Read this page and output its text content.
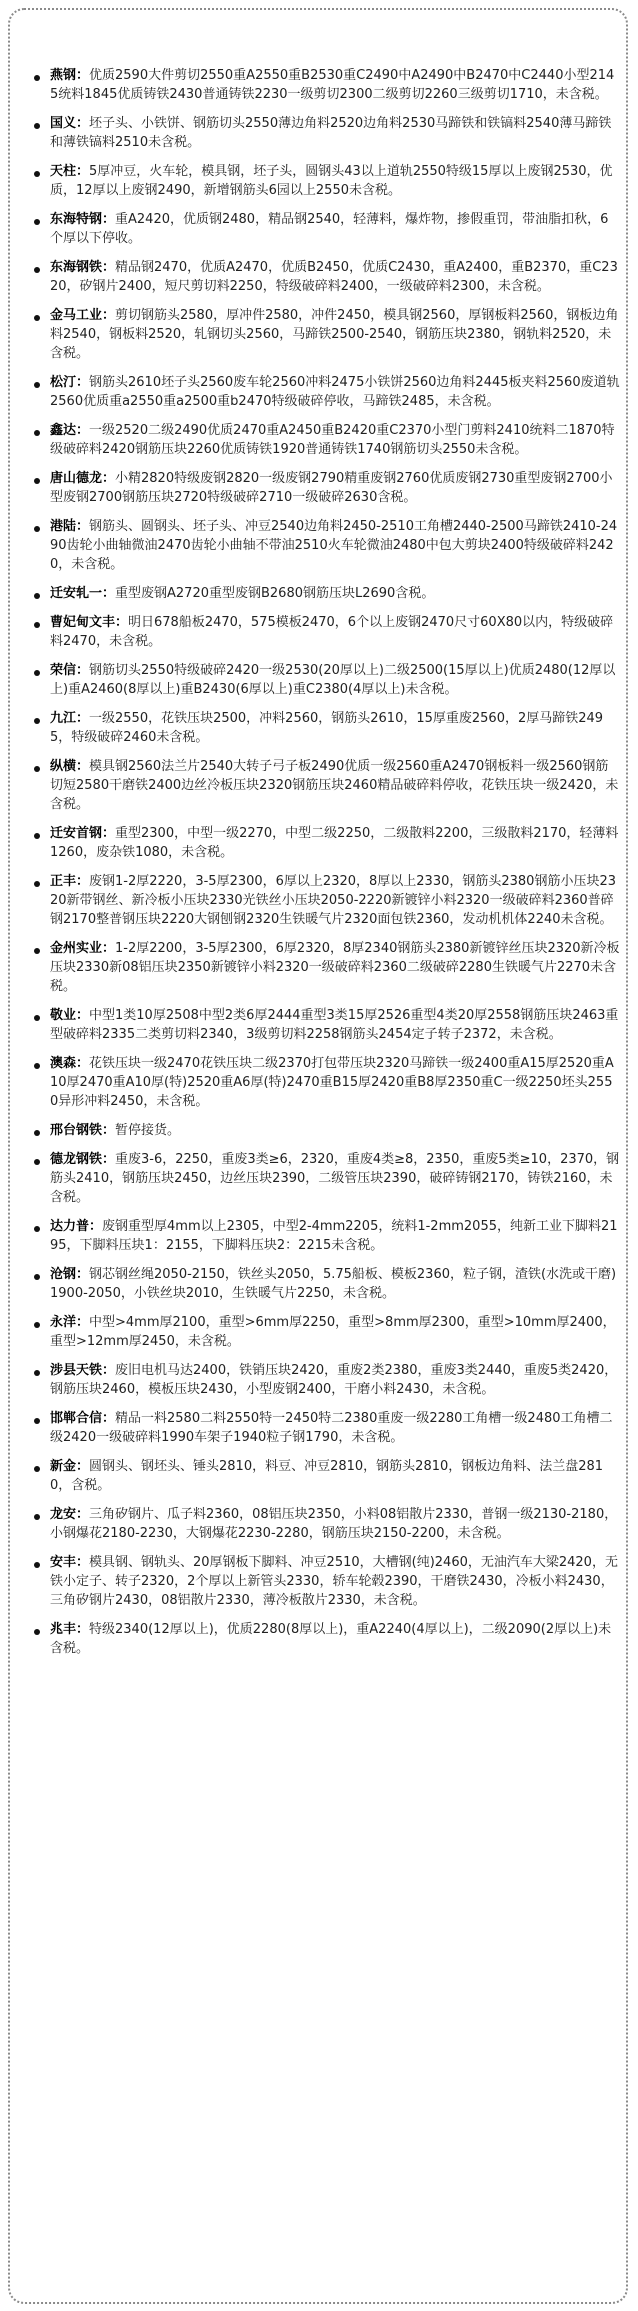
燕钢：优质2590大件剪切2550重A2550重B2530重C2490中A2490中B2470中C2440小型2145统料1845优质铸铁2430普通铸铁2230一级剪切2300二级剪切2260三级剪切1710，未含税。
国义：坯子头、小铁饼、钢筋切头2550薄边角料2520边角料2530马蹄铁和铁镐料2540薄马蹄铁和薄铁镐料2510未含税。
天柱：5厚冲豆，火车轮，模具钢，坯子头，圆钢头43以上道轨2550特级15厚以上废钢2530，优质，12厚以上废钢2490，新增钢筋头6园以上2550未含税。
东海特钢：重A2420，优质钢2480，精品钢2540，轻薄料，爆炸物，掺假重罚，带油脂扣秋，6个厚以下停收。
东海钢铁：精品钢2470，优质A2470，优质B2450，优质C2430，重A2400，重B2370，重C2320，矽钢片2400，短尺剪切料2250，特级破碎料2400，一级破碎料2300，未含税。
金马工业：剪切钢筋头2580，厚冲件2580，冲件2450，模具钢2560，厚钢板料2560，钢板边角料2540，钢板料2520，轧钢切头2560，马蹄铁2500-2540，钢筋压块2380，钢轨料2520，未含税。
松汀：钢筋头2610坯子头2560废车轮2560冲料2475小铁饼2560边角料2445板夹料2560废道轨2560优质重a2550重a2500重b2470特级破碎停收，马蹄铁2485，未含税。
鑫达：一级2520二级2490优质2470重A2450重B2420重C2370小型门剪料2410统料二1870特级破碎料2420钢筋压块2260优质铸铁1920普通铸铁1740钢筋切头2550未含税。
唐山德龙：小精2820特级废钢2820一级废钢2790精重废钢2760优质废钢2730重型废钢2700小型废钢2700钢筋压块2720特级破碎2710一级破碎2630含税。
港陆：钢筋头、圆钢头、坯子头、冲豆2540边角料2450-2510工角槽2440-2500马蹄铁2410-2490齿轮小曲轴微油2470齿轮小曲轴不带油2510火车轮微油2480中包大剪块2400特级破碎料2420，未含税。
迁安轧一：重型废钢A2720重型废钢B2680钢筋压块L2690含税。
曹妃甸文丰：明日678船板2470，575模板2470，6个以上废钢2470尺寸60X80以内，特级破碎料2470，未含税。
荣信：钢筋切头2550特级破碎2420一级2530(20厚以上)二级2500(15厚以上)优质2480(12厚以上)重A2460(8厚以上)重B2430(6厚以上)重C2380(4厚以上)未含税。
九江：一级2550，花铁压块2500，冲料2560，钢筋头2610，15厚重废2560，2厚马蹄铁2495，特级破碎2460未含税。
纵横：模具钢2560法兰片2540大转子弓子板2490优质一级2560重A2470钢板料一级2560钢筋切短2580干磨铁2400边丝冷板压块2320钢筋压块2460精品破碎料停收，花铁压块一级2420，未含税。
迁安首钢：重型2300，中型一级2270，中型二级2250，二级散料2200，三级散料2170，轻薄料1260，废杂铁1080，未含税。
正丰：废钢1-2厚2220，3-5厚2300，6厚以上2320，8厚以上2330，钢筋头2380钢筋小压块2320新带钢丝、新冷板小压块2330光铁丝小压块2050-2220新镀锌小料2320一级破碎料2360普碎钢2170整普钢压块2220大钢刨钢2320生铁暖气片2320面包铁2360，发动机机体2240未含税。
金州实业：1-2厚2200，3-5厚2300，6厚2320，8厚2340钢筋头2380新镀锌丝压块2320新冷板压块2330新08铝压块2350新镀锌小料2320一级破碎料2360二级破碎2280生铁暖气片2270未含税。
敬业：中型1类10厚2508中型2类6厚2444重型3类15厚2526重型4类20厚2558钢筋压块2463重型破碎料2335二类剪切料2340，3级剪切料2258钢筋头2454定子转子2372，未含税。
澳森：花铁压块一级2470花铁压块二级2370打包带压块2320马蹄铁一级2400重A15厚2520重A10厚2470重A10厚(特)2520重A6厚(特)2470重B15厚2420重B8厚2350重C一级2250坯头2550异形冲料2450，未含税。
邢台钢铁：暂停接货。
德龙钢铁：重废3-6，2250，重废3类≥6，2320，重废4类≥8，2350，重废5类≥10，2370，钢筋头2410，钢筋压块2450，边丝压块2390，二级管压块2390，破碎铸钢2170，铸铁2160，未含税。
达力普：废钢重型厚4mm以上2305，中型2-4mm2205，统料1-2mm2055，纯新工业下脚料2195，下脚料压块1：2155，下脚料压块2：2215未含税。
沧钢：钢芯钢丝绳2050-2150，铁丝头2050，5.75船板、模板2360，粒子钢，渣铁(水洗或干磨)1900-2050，小铁丝块2010，生铁暖气片2250，未含税。
永洋：中型>4mm厚2100，重型>6mm厚2250，重型>8mm厚2300，重型>10mm厚2400，重型>12mm厚2450，未含税。
涉县天铁：废旧电机马达2400，铁销压块2420，重废2类2380，重废3类2440，重废5类2420，钢筋压块2460，模板压块2430，小型废钢2400，干磨小料2430，未含税。
邯郸合信：精品一料2580二料2550特一2450特二2380重废一级2280工角槽一级2480工角槽二级2420一级破碎料1990车架子1940粒子钢1790，未含税。
新金：圆钢头、钢坯头、锤头2810，料豆、冲豆2810，钢筋头2810，钢板边角料、法兰盘2810，含税。
龙安：三角矽钢片、瓜子料2360，08铝压块2350，小料08铝散片2330，普钢一级2130-2180，小钢爆花2180-2230，大钢爆花2230-2280，钢筋压块2150-2200，未含税。
安丰：模具钢、钢轨头、20厚钢板下脚料、冲豆2510，大槽钢(纯)2460，无油汽车大梁2420，无铁小定子、转子2320，2个厚以上新管头2330，轿车轮毂2390，干磨铁2430，冷板小料2430，三角矽钢片2430，08铝散片2330，薄冷板散片2330，未含税。
兆丰：特级2340(12厚以上)，优质2280(8厚以上)，重A2240(4厚以上)，二级2090(2厚以上)未含税。
